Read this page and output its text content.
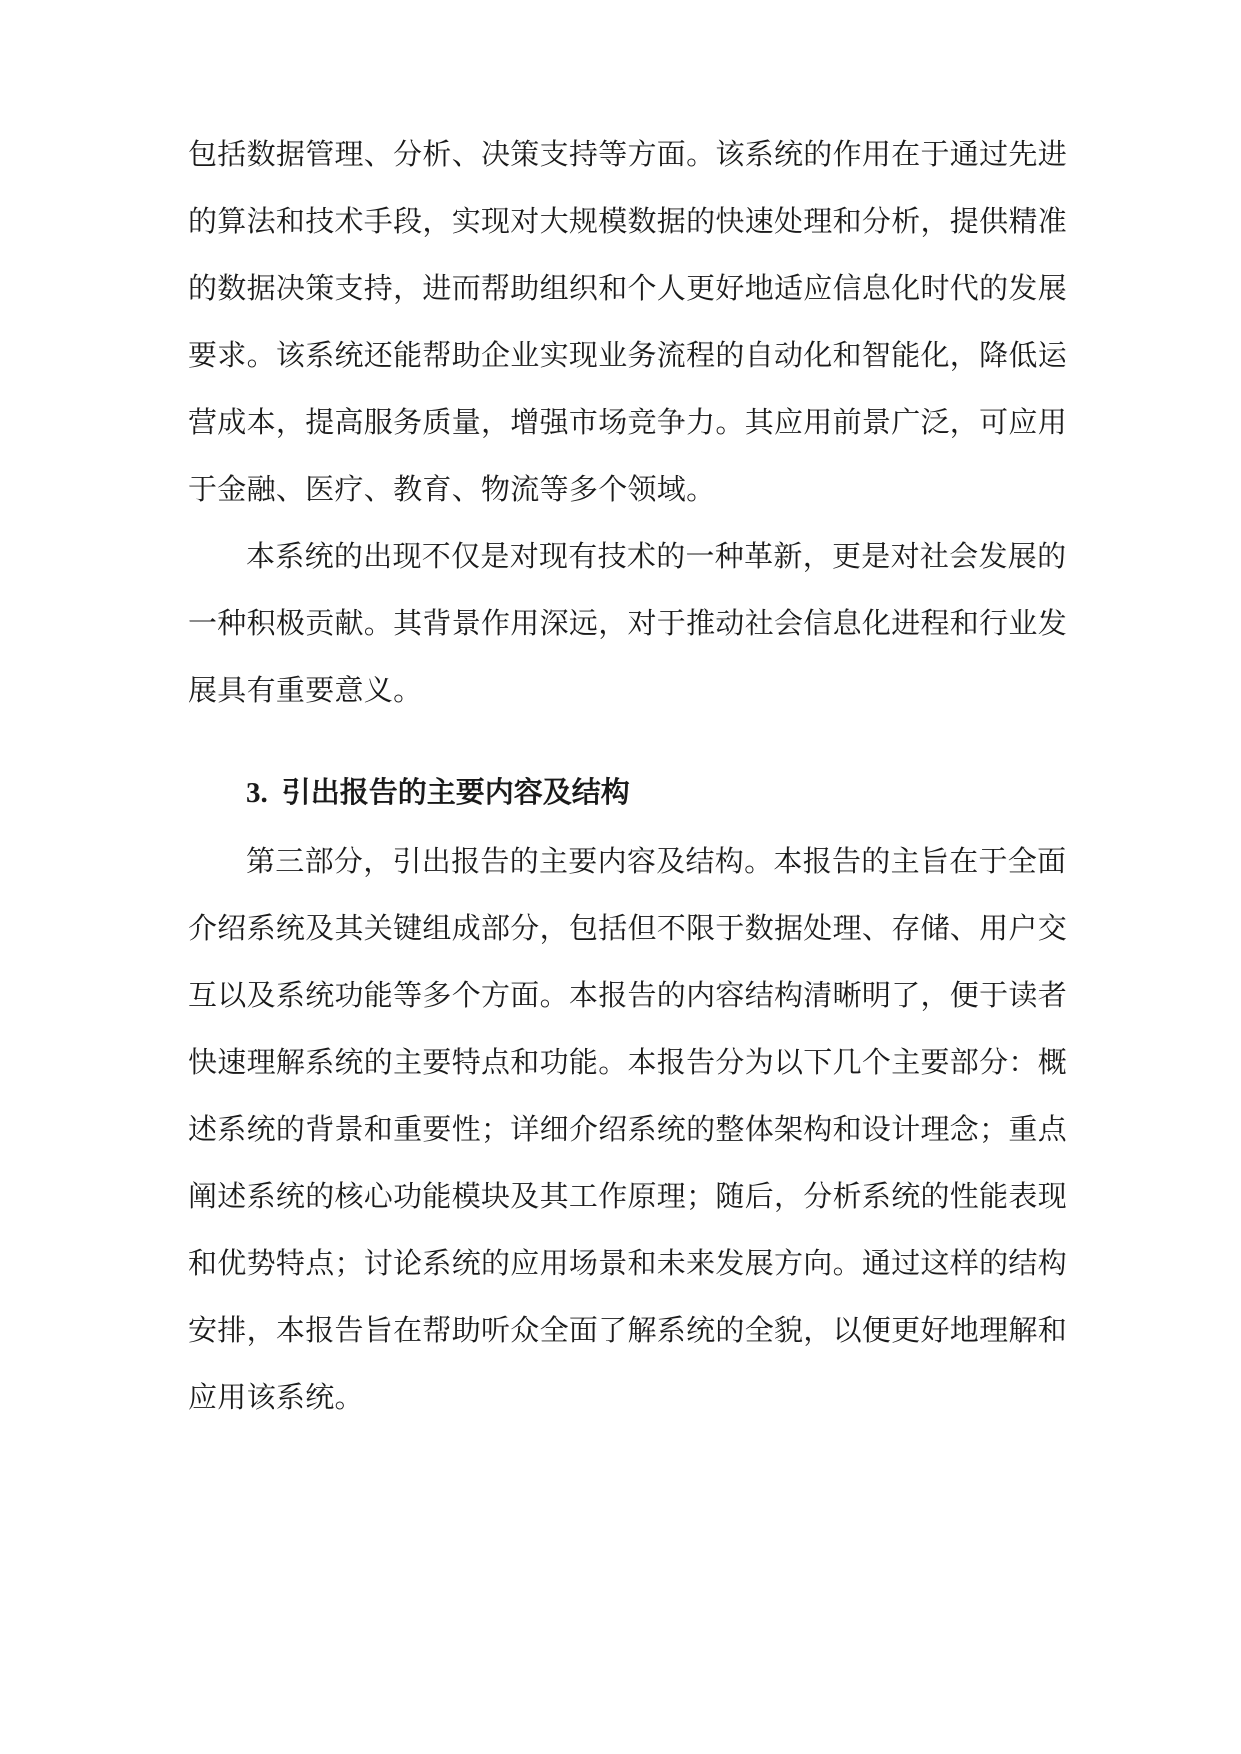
包括数据管理、分析、决策支持等方面。该系统的作用在于通过先进
的算法和技术手段，实现对大规模数据的快速处理和分析，提供精准
的数据决策支持，进而帮助组织和个人更好地适应信息化时代的发展
要求。该系统还能帮助企业实现业务流程的自动化和智能化，降低运
营成本，提高服务质量，增强市场竞争力。其应用前景广泛，可应用
于金融、医疗、教育、物流等多个领域。
本系统的出现不仅是对现有技术的一种革新，更是对社会发展的
一种积极贡献。其背景作用深远，对于推动社会信息化进程和行业发
展具有重要意义。
3. 引出报告的主要内容及结构
第三部分，引出报告的主要内容及结构。本报告的主旨在于全面
介绍系统及其关键组成部分，包括但不限于数据处理、存储、用户交
互以及系统功能等多个方面。本报告的内容结构清晰明了，便于读者
快速理解系统的主要特点和功能。本报告分为以下几个主要部分：概
述系统的背景和重要性；详细介绍系统的整体架构和设计理念；重点
阐述系统的核心功能模块及其工作原理；随后，分析系统的性能表现
和优势特点；讨论系统的应用场景和未来发展方向。通过这样的结构
安排，本报告旨在帮助听众全面了解系统的全貌，以便更好地理解和
应用该系统。
